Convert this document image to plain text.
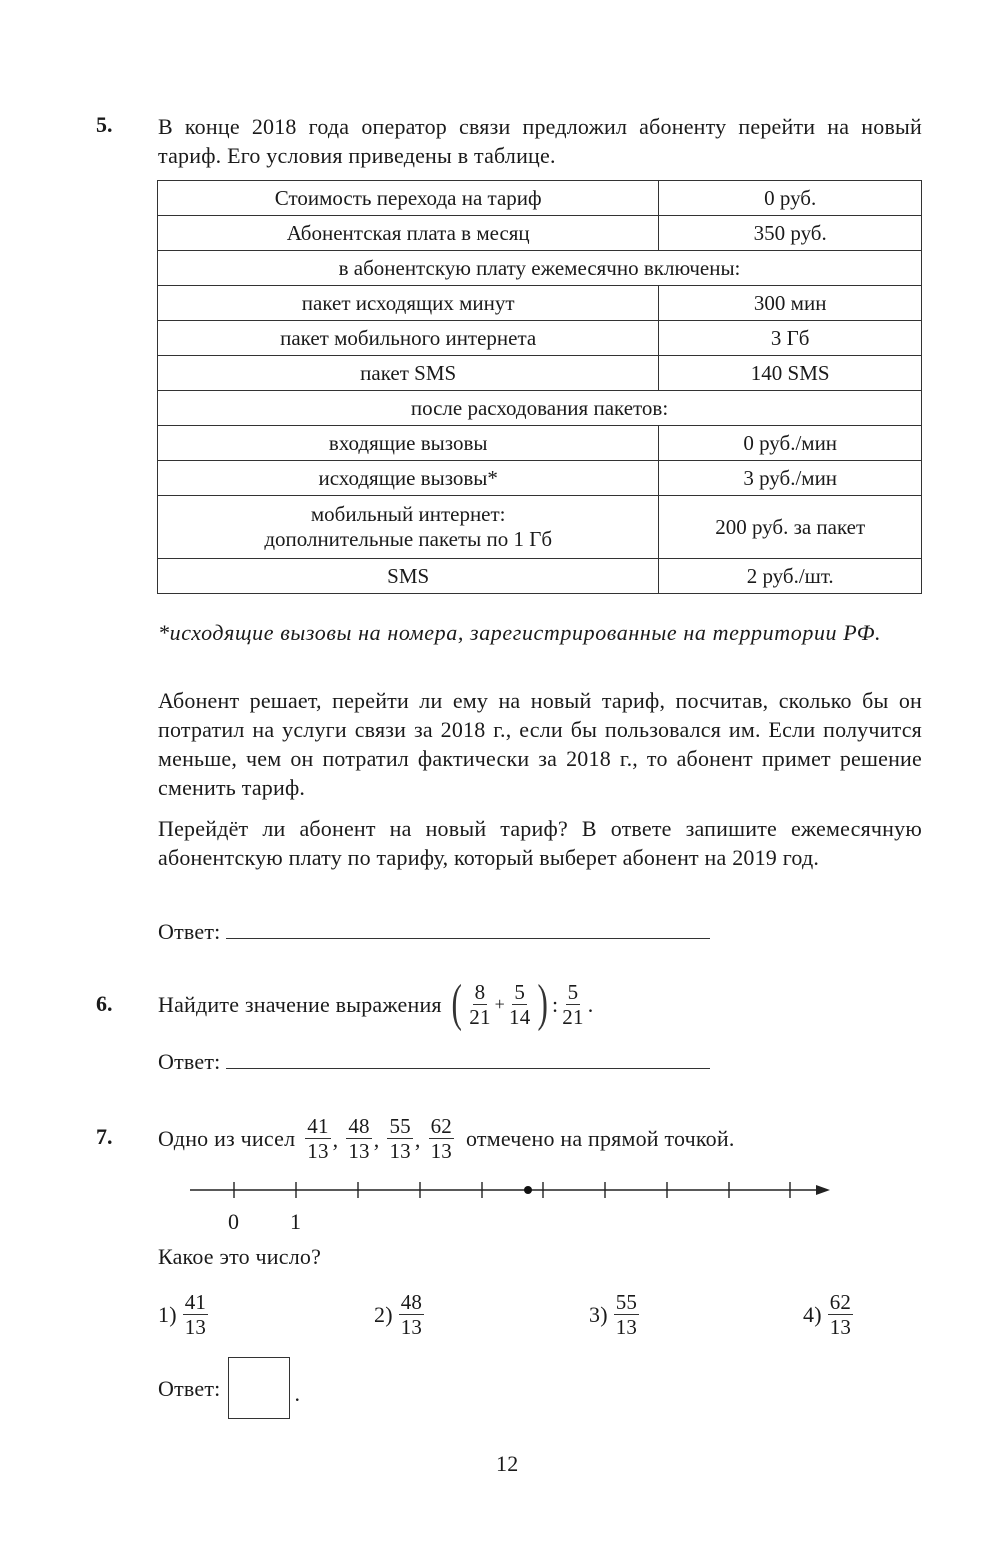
5. В конце 2018 года оператор связи предложил абоненту перейти на новый тариф. Его условия приведены в таблице.
Стоимость перехода на тариф	0 руб.
Абонентская плата в месяц	350 руб.
в абонентскую плату ежемесячно включены:	
пакет исходящих минут	300 мин
пакет мобильного интернета	3 Гб
пакет SMS	140 SMS
после расходования пакетов:	
входящие вызовы	0 руб./мин
исходящие вызовы*	3 руб./мин

мобильный интернет:
дополнительные пакеты по 1 Гб	200 руб. за пакет
SMS	2 руб./шт.
*исходящие вызовы на номера, зарегистрированные на территории РФ.
Абонент решает, перейти ли ему на новый тариф, посчитав, сколько бы он потратил на услуги связи за 2018 г., если бы пользовался им. Если получится меньше, чем он потратил фактически за 2018 г., то абонент примет решение сменить тариф.
Перейдёт ли абонент на новый тариф? В ответе запишите ежемесячную абонентскую плату по тарифу, который выберет абонент на 2019 год.
Ответ:
6. Найдите значение выражения ( $\frac{8}{21} + \frac{5}{14}$ ) : $\frac{5}{21}$ .
Ответ:
7. Одно из чисел $\frac{41}{13}$ , $\frac{48}{13}$ , $\frac{55}{13}$ , $\frac{62}{13}$ отмечено на прямой точкой.
0 1
Какое это число?
$1) \frac{41}{13}$	$2) \frac{48}{13}$	$3) \frac{55}{13}$	$4) \frac{62}{13}$
Ответ:	.
12
